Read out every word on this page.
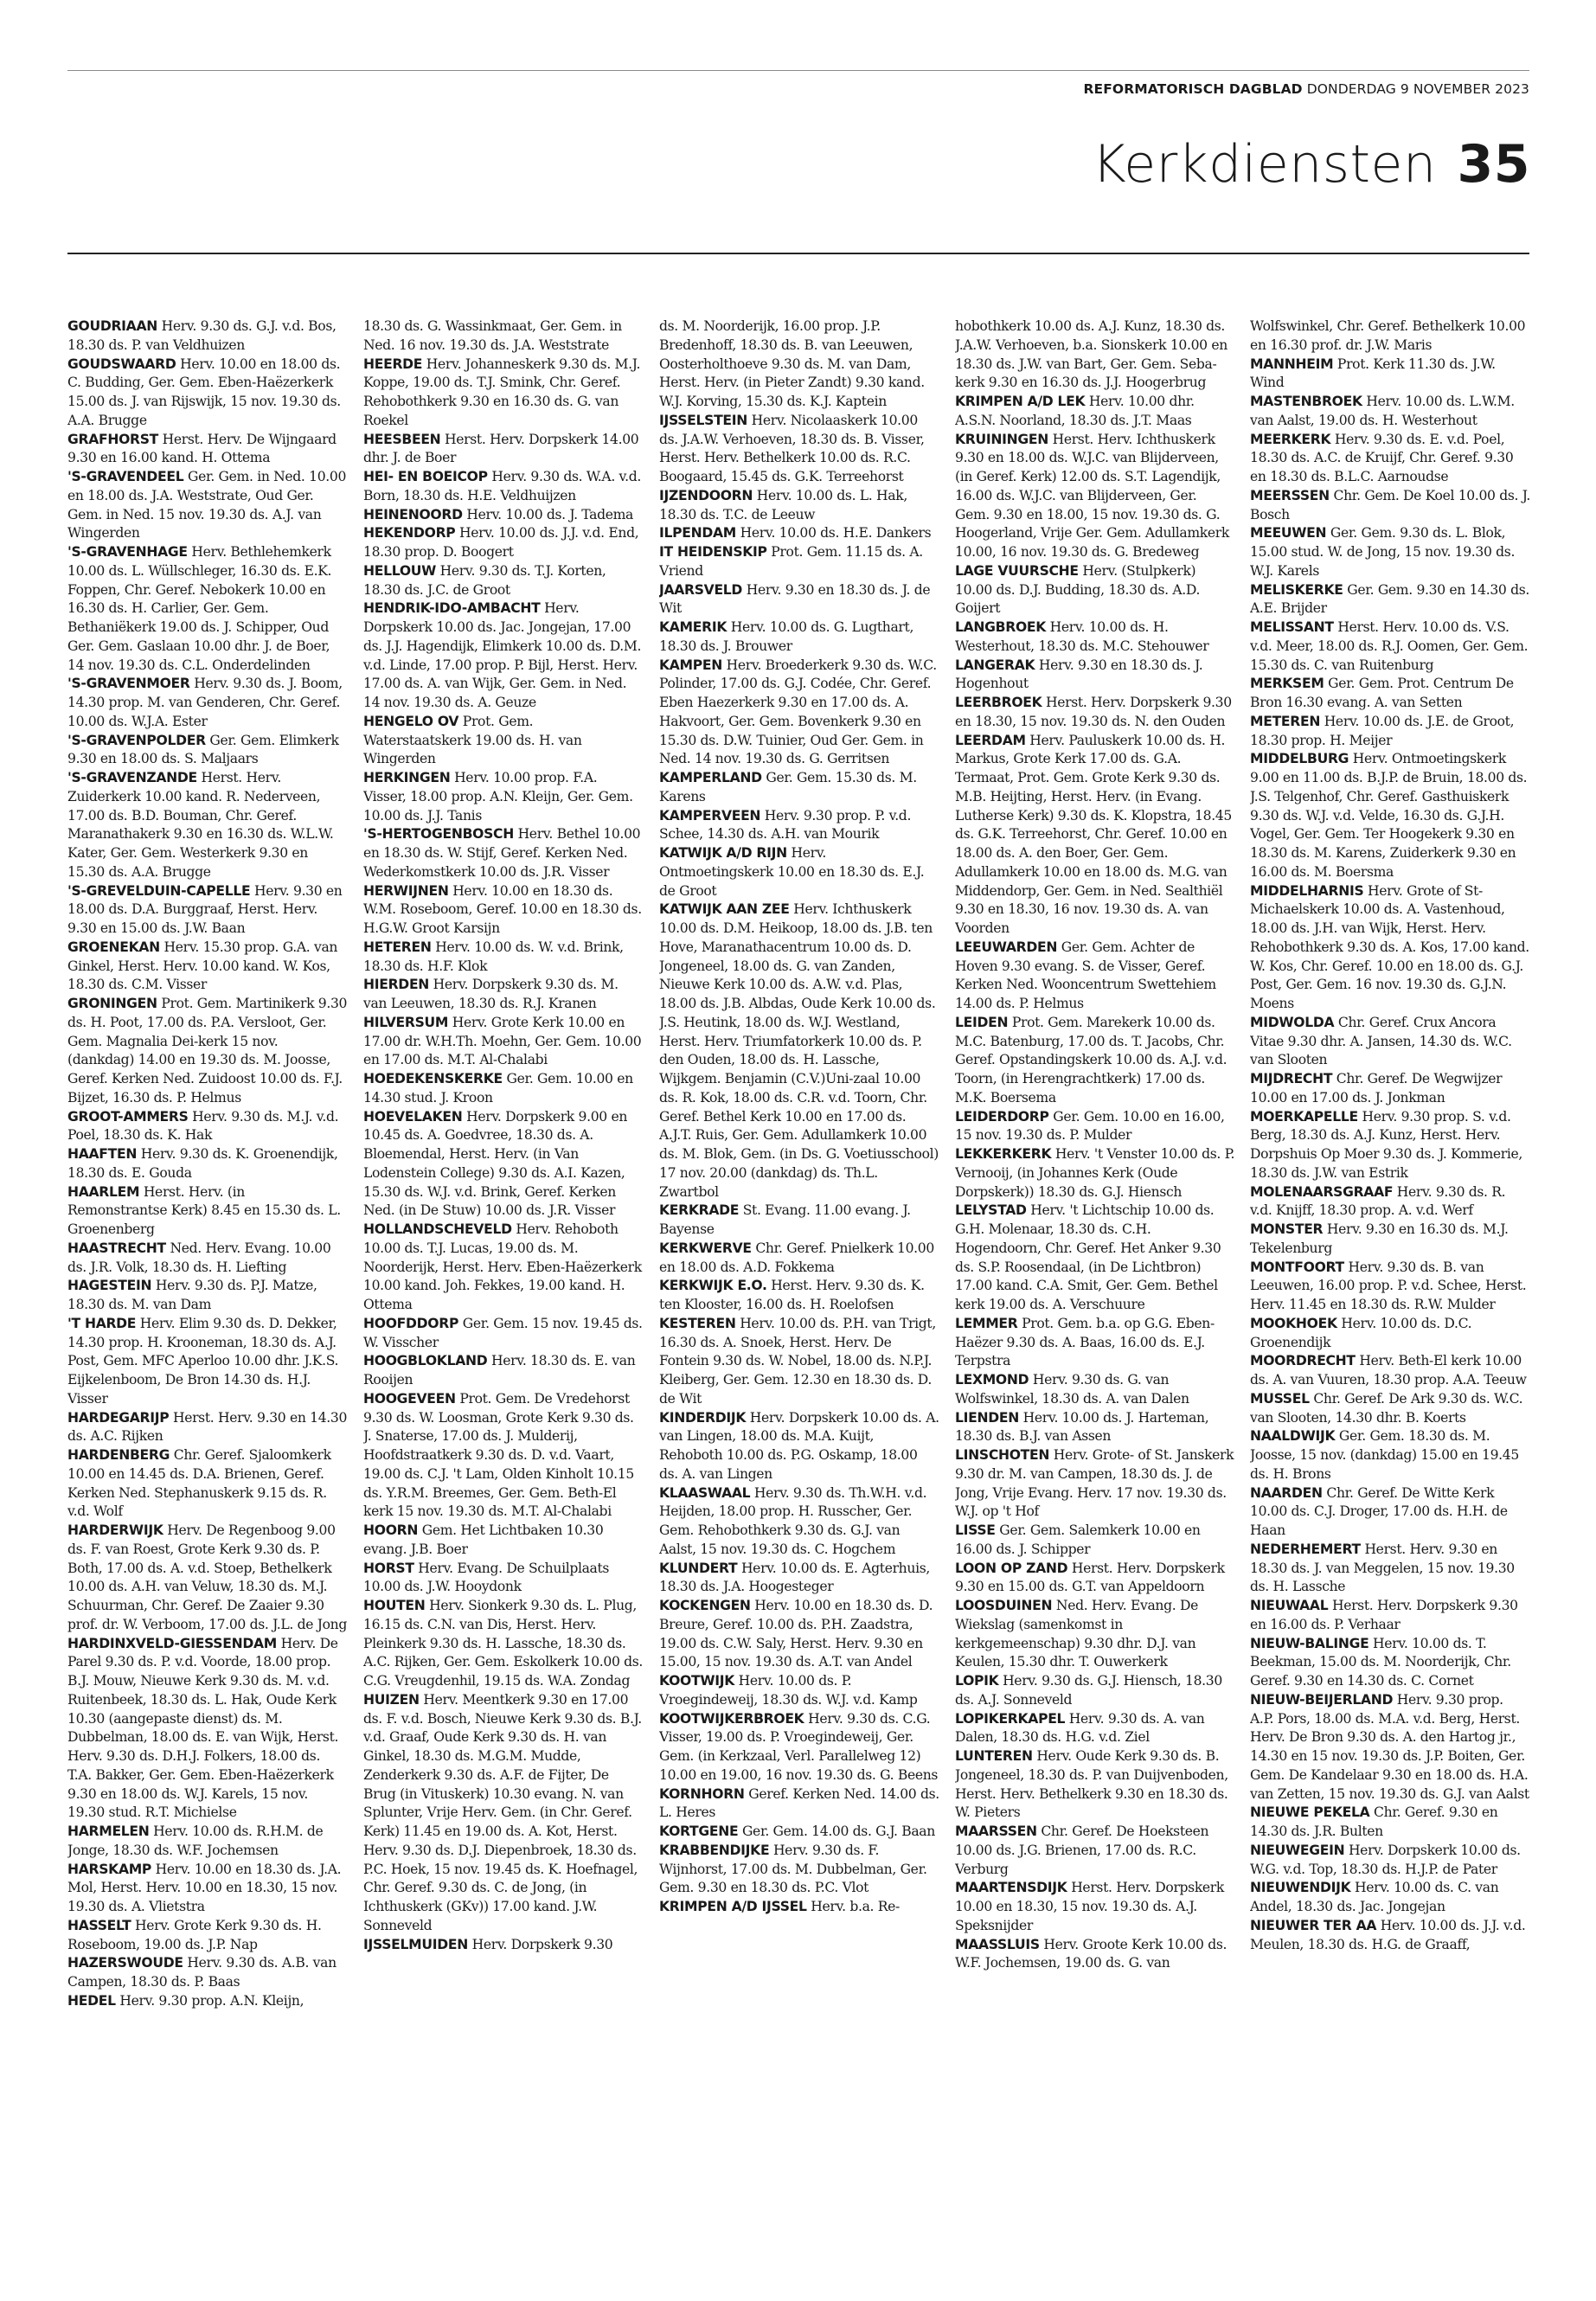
REFORMATORISCH DAGBLAD DONDERDAG 9 NOVEMBER 2023
Kerkdiensten 35

GOUDRIAAN Herv. 9.30 ds. G.J. v.d. Bos, 18.30 ds. P. van Veldhuizen

GOUDSWAARD Herv. 10.00 en 18.00 ds. C. Budding, Ger. Gem. Eben-Haëzerkerk 15.00 ds. J. van Rijswijk, 15 nov. 19.30 ds. A.A. Brugge

GRAFHORST Herst. Herv. De Wijngaard 9.30 en 16.00 kand. H. Ottema

'S-GRAVENDEEL Ger. Gem. in Ned. 10.00 en 18.00 ds. J.A. Weststrate, Oud Ger. Gem. in Ned. 15 nov. 19.30 ds. A.J. van Wingerden

'S-GRAVENHAGE Herv. Bethlehemkerk 10.00 ds. L. Wüllschleger, 16.30 ds. E.K. Foppen, Chr. Geref. Nebokerk 10.00 en 16.30 ds. H. Carlier, Ger. Gem. Bethaniëkerk 19.00 ds. J. Schipper, Oud Ger. Gem. Gaslaan 10.00 dhr. J. de Boer, 14 nov. 19.30 ds. C.L. Onderdelinden

'S-GRAVENMOER Herv. 9.30 ds. J. Boom, 14.30 prop. M. van Genderen, Chr. Geref. 10.00 ds. W.J.A. Ester

'S-GRAVENPOLDER Ger. Gem. Elimkerk 9.30 en 18.00 ds. S. Maljaars

'S-GRAVENZANDE Herst. Herv. Zuiderkerk 10.00 kand. R. Nederveen, 17.00 ds. B.D. Bouman, Chr. Geref. Maranathakerk 9.30 en 16.30 ds. W.L.W. Kater, Ger. Gem. Westerkerk 9.30 en 15.30 ds. A.A. Brugge

'S-GREVELDUIN-CAPELLE Herv. 9.30 en 18.00 ds. D.A. Burggraaf, Herst. Herv. 9.30 en 15.00 ds. J.W. Baan

GROENEKAN Herv. 15.30 prop. G.A. van Ginkel, Herst. Herv. 10.00 kand. W. Kos, 18.30 ds. C.M. Visser

GRONINGEN Prot. Gem. Martinikerk 9.30 ds. H. Poot, 17.00 ds. P.A. Versloot, Ger. Gem. Magnalia Dei-kerk 15 nov. (dankdag) 14.00 en 19.30 ds. M. Joosse, Geref. Kerken Ned. Zuidoost 10.00 ds. F.J. Bijzet, 16.30 ds. P. Helmus

GROOT-AMMERS Herv. 9.30 ds. M.J. v.d. Poel, 18.30 ds. K. Hak

HAAFTEN Herv. 9.30 ds. K. Groenendijk, 18.30 ds. E. Gouda

HAARLEM Herst. Herv. (in Remonstrantse Kerk) 8.45 en 15.30 ds. L. Groenenberg

HAASTRECHT Ned. Herv. Evang. 10.00 ds. J.R. Volk, 18.30 ds. H. Liefting

HAGESTEIN Herv. 9.30 ds. P.J. Matze, 18.30 ds. M. van Dam

'T HARDE Herv. Elim 9.30 ds. D. Dekker, 14.30 prop. H. Krooneman, 18.30 ds. A.J. Post, Gem. MFC Aperloo 10.00 dhr. J.K.S. Eijkelenboom, De Bron 14.30 ds. H.J. Visser

HARDEGARIJP Herst. Herv. 9.30 en 14.30 ds. A.C. Rijken

HARDENBERG Chr. Geref. Sjaloomkerk 10.00 en 14.45 ds. D.A. Brienen, Geref. Kerken Ned. Stephanuskerk 9.15 ds. R. v.d. Wolf

HARDERWIJK Herv. De Regenboog 9.00 ds. F. van Roest, Grote Kerk 9.30 ds. P. Both, 17.00 ds. A. v.d. Stoep, Bethelkerk 10.00 ds. A.H. van Veluw, 18.30 ds. M.J. Schuurman, Chr. Geref. De Zaaier 9.30 prof. dr. W. Verboom, 17.00 ds. J.L. de Jong

HARDINXVELD-GIESSENDAM Herv. De Parel 9.30 ds. P. v.d. Voorde, 18.00 prop. B.J. Mouw, Nieuwe Kerk 9.30 ds. M. v.d. Ruitenbeek, 18.30 ds. L. Hak, Oude Kerk 10.30 (aangepaste dienst) ds. M. Dubbelman, 18.00 ds. E. van Wijk, Herst. Herv. 9.30 ds. D.H.J. Folkers, 18.00 ds. T.A. Bakker, Ger. Gem. Eben-Haëzerkerk 9.30 en 18.00 ds. W.J. Karels, 15 nov. 19.30 stud. R.T. Michielse

HARMELEN Herv. 10.00 ds. R.H.M. de Jonge, 18.30 ds. W.F. Jochemsen

HARSKAMP Herv. 10.00 en 18.30 ds. J.A. Mol, Herst. Herv. 10.00 en 18.30, 15 nov. 19.30 ds. A. Vlietstra

HASSELT Herv. Grote Kerk 9.30 ds. H. Roseboom, 19.00 ds. J.P. Nap

HAZERSWOUDE Herv. 9.30 ds. A.B. van Campen, 18.30 ds. P. Baas

HEDEL Herv. 9.30 prop. A.N. Kleijn,

18.30 ds. G. Wassinkmaat, Ger. Gem. in Ned. 16 nov. 19.30 ds. J.A. Weststrate

HEERDE Herv. Johanneskerk 9.30 ds. M.J. Koppe, 19.00 ds. T.J. Smink, Chr. Geref. Rehobothkerk 9.30 en 16.30 ds. G. van Roekel

HEESBEEN Herst. Herv. Dorpskerk 14.00 dhr. J. de Boer

HEI- EN BOEICOP Herv. 9.30 ds. W.A. v.d. Born, 18.30 ds. H.E. Veldhuijzen

HEINENOORD Herv. 10.00 ds. J. Tadema

HEKENDORP Herv. 10.00 ds. J.J. v.d. End, 18.30 prop. D. Boogert

HELLOUW Herv. 9.30 ds. T.J. Korten, 18.30 ds. J.C. de Groot

HENDRIK-IDO-AMBACHT Herv. Dorpskerk 10.00 ds. Jac. Jongejan, 17.00 ds. J.J. Hagendijk, Elimkerk 10.00 ds. D.M. v.d. Linde, 17.00 prop. P. Bijl, Herst. Herv. 17.00 ds. A. van Wijk, Ger. Gem. in Ned. 14 nov. 19.30 ds. A. Geuze

HENGELO OV Prot. Gem. Waterstaatskerk 19.00 ds. H. van Wingerden

HERKINGEN Herv. 10.00 prop. F.A. Visser, 18.00 prop. A.N. Kleijn, Ger. Gem. 10.00 ds. J.J. Tanis

'S-HERTOGENBOSCH Herv. Bethel 10.00 en 18.30 ds. W. Stijf, Geref. Kerken Ned. Wederkomstkerk 10.00 ds. J.R. Visser

HERWIJNEN Herv. 10.00 en 18.30 ds. W.M. Roseboom, Geref. 10.00 en 18.30 ds. H.G.W. Groot Karsijn

HETEREN Herv. 10.00 ds. W. v.d. Brink, 18.30 ds. H.F. Klok

HIERDEN Herv. Dorpskerk 9.30 ds. M. van Leeuwen, 18.30 ds. R.J. Kranen

HILVERSUM Herv. Grote Kerk 10.00 en 17.00 dr. W.H.Th. Moehn, Ger. Gem. 10.00 en 17.00 ds. M.T. Al-Chalabi

HOEDEKENSKERKE Ger. Gem. 10.00 en 14.30 stud. J. Kroon

HOEVELAKEN Herv. Dorpskerk 9.00 en 10.45 ds. A. Goedvree, 18.30 ds. A. Bloemendal, Herst. Herv. (in Van Lodenstein College) 9.30 ds. A.I. Kazen, 15.30 ds. W.J. v.d. Brink, Geref. Kerken Ned. (in De Stuw) 10.00 ds. J.R. Visser

HOLLANDSCHEVELD Herv. Rehoboth 10.00 ds. T.J. Lucas, 19.00 ds. M. Noorderijk, Herst. Herv. Eben-Haëzerkerk 10.00 kand. Joh. Fekkes, 19.00 kand. H. Ottema

HOOFDDORP Ger. Gem. 15 nov. 19.45 ds. W. Visscher

HOOGBLOKLAND Herv. 18.30 ds. E. van Rooijen

HOOGEVEEN Prot. Gem. De Vredehorst 9.30 ds. W. Loosman, Grote Kerk 9.30 ds. J. Snaterse, 17.00 ds. J. Mulderij, Hoofdstraatkerk 9.30 ds. D. v.d. Vaart, 19.00 ds. C.J. 't Lam, Olden Kinholt 10.15 ds. Y.R.M. Breemes, Ger. Gem. Beth-El kerk 15 nov. 19.30 ds. M.T. Al-Chalabi

HOORN Gem. Het Lichtbaken 10.30 evang. J.B. Boer

HORST Herv. Evang. De Schuilplaats 10.00 ds. J.W. Hooydonk

HOUTEN Herv. Sionkerk 9.30 ds. L. Plug, 16.15 ds. C.N. van Dis, Herst. Herv. Pleinkerk 9.30 ds. H. Lassche, 18.30 ds. A.C. Rijken, Ger. Gem. Eskolkerk 10.00 ds. C.G. Vreugdenhil, 19.15 ds. W.A. Zondag

HUIZEN Herv. Meentkerk 9.30 en 17.00 ds. F. v.d. Bosch, Nieuwe Kerk 9.30 ds. B.J. v.d. Graaf, Oude Kerk 9.30 ds. H. van Ginkel, 18.30 ds. M.G.M. Mudde, Zenderkerk 9.30 ds. A.F. de Fijter, De Brug (in Vituskerk) 10.30 evang. N. van Splunter, Vrije Herv. Gem. (in Chr. Geref. Kerk) 11.45 en 19.00 ds. A. Kot, Herst. Herv. 9.30 ds. D.J. Diepenbroek, 18.30 ds. P.C. Hoek, 15 nov. 19.45 ds. K. Hoefnagel, Chr. Geref. 9.30 ds. C. de Jong, (in Ichthuskerk (GKv)) 17.00 kand. J.W. Sonneveld

IJSSELMUIDEN Herv. Dorpskerk 9.30

ds. M. Noorderijk, 16.00 prop. J.P. Bredenhoff, 18.30 ds. B. van Leeuwen, Oosterholthoeve 9.30 ds. M. van Dam, Herst. Herv. (in Pieter Zandt) 9.30 kand. W.J. Korving, 15.30 ds. K.J. Kaptein

IJSSELSTEIN Herv. Nicolaaskerk 10.00 ds. J.A.W. Verhoeven, 18.30 ds. B. Visser, Herst. Herv. Bethelkerk 10.00 ds. R.C. Boogaard, 15.45 ds. G.K. Terreehorst

IJZENDOORN Herv. 10.00 ds. L. Hak, 18.30 ds. T.C. de Leeuw

ILPENDAM Herv. 10.00 ds. H.E. Dankers

IT HEIDENSKIP Prot. Gem. 11.15 ds. A. Vriend

JAARSVELD Herv. 9.30 en 18.30 ds. J. de Wit

KAMERIK Herv. 10.00 ds. G. Lugthart, 18.30 ds. J. Brouwer

KAMPEN Herv. Broederkerk 9.30 ds. W.C. Polinder, 17.00 ds. G.J. Codée, Chr. Geref. Eben Haezerkerk 9.30 en 17.00 ds. A. Hakvoort, Ger. Gem. Bovenkerk 9.30 en 15.30 ds. D.W. Tuinier, Oud Ger. Gem. in Ned. 14 nov. 19.30 ds. G. Gerritsen

KAMPERLAND Ger. Gem. 15.30 ds. M. Karens

KAMPERVEEN Herv. 9.30 prop. P. v.d. Schee, 14.30 ds. A.H. van Mourik

KATWIJK A/D RIJN Herv. Ontmoetingskerk 10.00 en 18.30 ds. E.J. de Groot

KATWIJK AAN ZEE Herv. Ichthuskerk 10.00 ds. D.M. Heikoop, 18.00 ds. J.B. ten Hove, Maranathacentrum 10.00 ds. D. Jongeneel, 18.00 ds. G. van Zanden, Nieuwe Kerk 10.00 ds. A.W. v.d. Plas, 18.00 ds. J.B. Albdas, Oude Kerk 10.00 ds. J.S. Heutink, 18.00 ds. W.J. Westland, Herst. Herv. Triumfatorkerk 10.00 ds. P. den Ouden, 18.00 ds. H. Lassche, Wijkgem. Benjamin (C.V.)Uni-zaal 10.00 ds. R. Kok, 18.00 ds. C.R. v.d. Toorn, Chr. Geref. Bethel Kerk 10.00 en 17.00 ds. A.J.T. Ruis, Ger. Gem. Adullamkerk 10.00 ds. M. Blok, Gem. (in Ds. G. Voetiusschool) 17 nov. 20.00 (dankdag) ds. Th.L. Zwartbol

KERKRADE St. Evang. 11.00 evang. J. Bayense

KERKWERVE Chr. Geref. Pnielkerk 10.00 en 18.00 ds. A.D. Fokkema

KERKWIJK E.O. Herst. Herv. 9.30 ds. K. ten Klooster, 16.00 ds. H. Roelofsen

KESTEREN Herv. 10.00 ds. P.H. van Trigt, 16.30 ds. A. Snoek, Herst. Herv. De Fontein 9.30 ds. W. Nobel, 18.00 ds. N.P.J. Kleiberg, Ger. Gem. 12.30 en 18.30 ds. D. de Wit

KINDERDIJK Herv. Dorpskerk 10.00 ds. A. van Lingen, 18.00 ds. M.A. Kuijt, Rehoboth 10.00 ds. P.G. Oskamp, 18.00 ds. A. van Lingen

KLAASWAAL Herv. 9.30 ds. Th.W.H. v.d. Heijden, 18.00 prop. H. Russcher, Ger. Gem. Rehobothkerk 9.30 ds. G.J. van Aalst, 15 nov. 19.30 ds. C. Hogchem

KLUNDERT Herv. 10.00 ds. E. Agterhuis, 18.30 ds. J.A. Hoogesteger

KOCKENGEN Herv. 10.00 en 18.30 ds. D. Breure, Geref. 10.00 ds. P.H. Zaadstra, 19.00 ds. C.W. Saly, Herst. Herv. 9.30 en 15.00, 15 nov. 19.30 ds. A.T. van Andel

KOOTWIJK Herv. 10.00 ds. P. Vroegindeweij, 18.30 ds. W.J. v.d. Kamp

KOOTWIJKERBROEK Herv. 9.30 ds. C.G. Visser, 19.00 ds. P. Vroegindeweij, Ger. Gem. (in Kerkzaal, Verl. Parallelweg 12) 10.00 en 19.00, 16 nov. 19.30 ds. G. Beens

KORNHORN Geref. Kerken Ned. 14.00 ds. L. Heres

KORTGENE Ger. Gem. 14.00 ds. G.J. Baan

KRABBENDIJKE Herv. 9.30 ds. F. Wijnhorst, 17.00 ds. M. Dubbelman, Ger. Gem. 9.30 en 18.30 ds. P.C. Vlot

KRIMPEN A/D IJSSEL Herv. b.a. Re-

hobothkerk 10.00 ds. A.J. Kunz, 18.30 ds. J.A.W. Verhoeven, b.a. Sionskerk 10.00 en 18.30 ds. J.W. van Bart, Ger. Gem. Seba-kerk 9.30 en 16.30 ds. J.J. Hoogerbrug

KRIMPEN A/D LEK Herv. 10.00 dhr. A.S.N. Noorland, 18.30 ds. J.T. Maas

KRUININGEN Herst. Herv. Ichthuskerk 9.30 en 18.00 ds. W.J.C. van Blijderveen, (in Geref. Kerk) 12.00 ds. S.T. Lagendijk, 16.00 ds. W.J.C. van Blijderveen, Ger. Gem. 9.30 en 18.00, 15 nov. 19.30 ds. G. Hoogerland, Vrije Ger. Gem. Adullamkerk 10.00, 16 nov. 19.30 ds. G. Bredeweg

LAGE VUURSCHE Herv. (Stulpkerk) 10.00 ds. D.J. Budding, 18.30 ds. A.D. Goijert

LANGBROEK Herv. 10.00 ds. H. Westerhout, 18.30 ds. M.C. Stehouwer

LANGERAK Herv. 9.30 en 18.30 ds. J. Hogenhout

LEERBROEK Herst. Herv. Dorpskerk 9.30 en 18.30, 15 nov. 19.30 ds. N. den Ouden

LEERDAM Herv. Pauluskerk 10.00 ds. H. Markus, Grote Kerk 17.00 ds. G.A. Termaat, Prot. Gem. Grote Kerk 9.30 ds. M.B. Heijting, Herst. Herv. (in Evang. Lutherse Kerk) 9.30 ds. K. Klopstra, 18.45 ds. G.K. Terreehorst, Chr. Geref. 10.00 en 18.00 ds. A. den Boer, Ger. Gem. Adullamkerk 10.00 en 18.00 ds. M.G. van Middendorp, Ger. Gem. in Ned. Sealthiël 9.30 en 18.30, 16 nov. 19.30 ds. A. van Voorden

LEEUWARDEN Ger. Gem. Achter de Hoven 9.30 evang. S. de Visser, Geref. Kerken Ned. Wooncentrum Swettehiem 14.00 ds. P. Helmus

LEIDEN Prot. Gem. Marekerk 10.00 ds. M.C. Batenburg, 17.00 ds. T. Jacobs, Chr. Geref. Opstandingskerk 10.00 ds. A.J. v.d. Toorn, (in Herengrachtkerk) 17.00 ds. M.K. Boersema

LEIDERDORP Ger. Gem. 10.00 en 16.00, 15 nov. 19.30 ds. P. Mulder

LEKKERKERK Herv. 't Venster 10.00 ds. P. Vernooij, (in Johannes Kerk (Oude Dorpskerk)) 18.30 ds. G.J. Hiensch

LELYSTAD Herv. 't Lichtschip 10.00 ds. G.H. Molenaar, 18.30 ds. C.H. Hogendoorn, Chr. Geref. Het Anker 9.30 ds. S.P. Roosendaal, (in De Lichtbron) 17.00 kand. C.A. Smit, Ger. Gem. Bethel kerk 19.00 ds. A. Verschuure

LEMMER Prot. Gem. b.a. op G.G. Eben-Haëzer 9.30 ds. A. Baas, 16.00 ds. E.J. Terpstra

LEXMOND Herv. 9.30 ds. G. van Wolfswinkel, 18.30 ds. A. van Dalen

LIENDEN Herv. 10.00 ds. J. Harteman, 18.30 ds. B.J. van Assen

LINSCHOTEN Herv. Grote- of St. Janskerk 9.30 dr. M. van Campen, 18.30 ds. J. de Jong, Vrije Evang. Herv. 17 nov. 19.30 ds. W.J. op 't Hof

LISSE Ger. Gem. Salemkerk 10.00 en 16.00 ds. J. Schipper

LOON OP ZAND Herst. Herv. Dorpskerk 9.30 en 15.00 ds. G.T. van Appeldoorn

LOOSDUINEN Ned. Herv. Evang. De Wiekslag (samenkomst in kerkgemeenschap) 9.30 dhr. D.J. van Keulen, 15.30 dhr. T. Ouwerkerk

LOPIK Herv. 9.30 ds. G.J. Hiensch, 18.30 ds. A.J. Sonneveld

LOPIKERKAPEL Herv. 9.30 ds. A. van Dalen, 18.30 ds. H.G. v.d. Ziel

LUNTEREN Herv. Oude Kerk 9.30 ds. B. Jongeneel, 18.30 ds. P. van Duijvenboden, Herst. Herv. Bethelkerk 9.30 en 18.30 ds. W. Pieters

MAARSSEN Chr. Geref. De Hoeksteen 10.00 ds. J.G. Brienen, 17.00 ds. R.C. Verburg

MAARTENSDIJK Herst. Herv. Dorpskerk 10.00 en 18.30, 15 nov. 19.30 ds. A.J. Speksnijder

MAASSLUIS Herv. Groote Kerk 10.00 ds. W.F. Jochemsen, 19.00 ds. G. van

Wolfswinkel, Chr. Geref. Bethelkerk 10.00 en 16.30 prof. dr. J.W. Maris

MANNHEIM Prot. Kerk 11.30 ds. J.W. Wind

MASTENBROEK Herv. 10.00 ds. L.W.M. van Aalst, 19.00 ds. H. Westerhout

MEERKERK Herv. 9.30 ds. E. v.d. Poel, 18.30 ds. A.C. de Kruijf, Chr. Geref. 9.30 en 18.30 ds. B.L.C. Aarnoudse

MEERSSEN Chr. Gem. De Koel 10.00 ds. J. Bosch

MEEUWEN Ger. Gem. 9.30 ds. L. Blok, 15.00 stud. W. de Jong, 15 nov. 19.30 ds. W.J. Karels

MELISKERKE Ger. Gem. 9.30 en 14.30 ds. A.E. Brijder

MELISSANT Herst. Herv. 10.00 ds. V.S. v.d. Meer, 18.00 ds. R.J. Oomen, Ger. Gem. 15.30 ds. C. van Ruitenburg

MERKSEM Ger. Gem. Prot. Centrum De Bron 16.30 evang. A. van Setten

METEREN Herv. 10.00 ds. J.E. de Groot, 18.30 prop. H. Meijer

MIDDELBURG Herv. Ontmoetingskerk 9.00 en 11.00 ds. B.J.P. de Bruin, 18.00 ds. J.S. Telgenhof, Chr. Geref. Gasthuiskerk 9.30 ds. W.J. v.d. Velde, 16.30 ds. G.J.H. Vogel, Ger. Gem. Ter Hoogekerk 9.30 en 18.30 ds. M. Karens, Zuiderkerk 9.30 en 16.00 ds. M. Boersma

MIDDELHARNIS Herv. Grote of St-Michaelskerk 10.00 ds. A. Vastenhoud, 18.00 ds. J.H. van Wijk, Herst. Herv. Rehobothkerk 9.30 ds. A. Kos, 17.00 kand. W. Kos, Chr. Geref. 10.00 en 18.00 ds. G.J. Post, Ger. Gem. 16 nov. 19.30 ds. G.J.N. Moens

MIDWOLDA Chr. Geref. Crux Ancora Vitae 9.30 dhr. A. Jansen, 14.30 ds. W.C. van Slooten

MIJDRECHT Chr. Geref. De Wegwijzer 10.00 en 17.00 ds. J. Jonkman

MOERKAPELLE Herv. 9.30 prop. S. v.d. Berg, 18.30 ds. A.J. Kunz, Herst. Herv. Dorpshuis Op Moer 9.30 ds. J. Kommerie, 18.30 ds. J.W. van Estrik

MOLENAARSGRAAF Herv. 9.30 ds. R. v.d. Knijff, 18.30 prop. A. v.d. Werf

MONSTER Herv. 9.30 en 16.30 ds. M.J. Tekelenburg

MONTFOORT Herv. 9.30 ds. B. van Leeuwen, 16.00 prop. P. v.d. Schee, Herst. Herv. 11.45 en 18.30 ds. R.W. Mulder

MOOKHOEK Herv. 10.00 ds. D.C. Groenendijk

MOORDRECHT Herv. Beth-El kerk 10.00 ds. A. van Vuuren, 18.30 prop. A.A. Teeuw

MUSSEL Chr. Geref. De Ark 9.30 ds. W.C. van Slooten, 14.30 dhr. B. Koerts

NAALDWIJK Ger. Gem. 18.30 ds. M. Joosse, 15 nov. (dankdag) 15.00 en 19.45 ds. H. Brons

NAARDEN Chr. Geref. De Witte Kerk 10.00 ds. C.J. Droger, 17.00 ds. H.H. de Haan

NEDERHEMERT Herst. Herv. 9.30 en 18.30 ds. J. van Meggelen, 15 nov. 19.30 ds. H. Lassche

NIEUWAAL Herst. Herv. Dorpskerk 9.30 en 16.00 ds. P. Verhaar

NIEUW-BALINGE Herv. 10.00 ds. T. Beekman, 15.00 ds. M. Noorderijk, Chr. Geref. 9.30 en 14.30 ds. C. Cornet

NIEUW-BEIJERLAND Herv. 9.30 prop. A.P. Pors, 18.00 ds. M.A. v.d. Berg, Herst. Herv. De Bron 9.30 ds. A. den Hartog jr., 14.30 en 15 nov. 19.30 ds. J.P. Boiten, Ger. Gem. De Kandelaar 9.30 en 18.00 ds. H.A. van Zetten, 15 nov. 19.30 ds. G.J. van Aalst

NIEUWE PEKELA Chr. Geref. 9.30 en 14.30 ds. J.R. Bulten

NIEUWEGEIN Herv. Dorpskerk 10.00 ds. W.G. v.d. Top, 18.30 ds. H.J.P. de Pater

NIEUWENDIJK Herv. 10.00 ds. C. van Andel, 18.30 ds. Jac. Jongejan

NIEUWER TER AA Herv. 10.00 ds. J.J. v.d. Meulen, 18.30 ds. H.G. de Graaff,
